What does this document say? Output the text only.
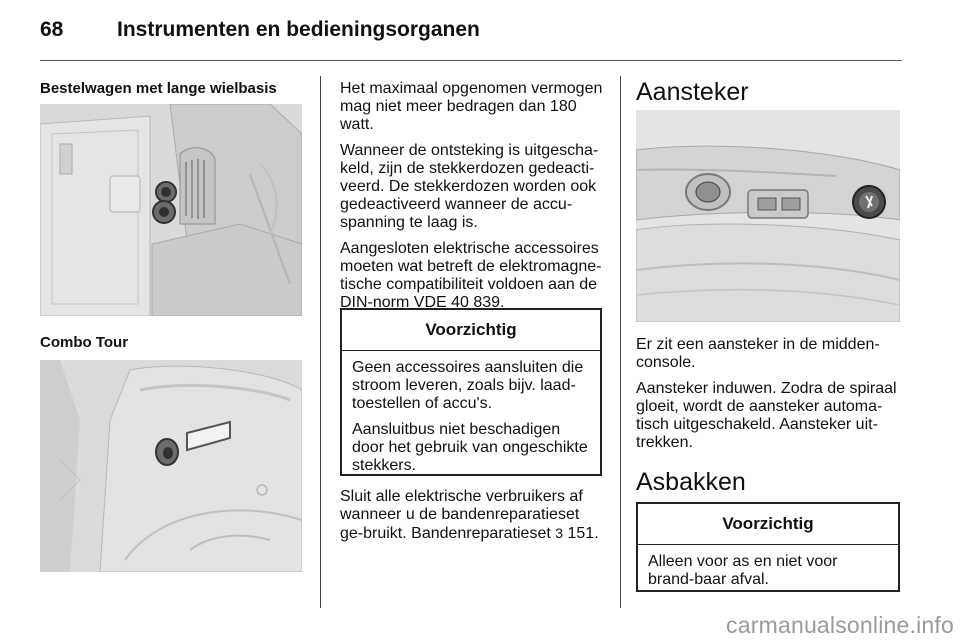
68	Instrumenten en bedieningsorganen
Bestelwagen met lange wielbasis
Combo Tour

Het maximaal opgenomen vermogen mag niet meer bedragen dan 180 watt.

Wanneer de ontsteking is uitgescha-keld, zijn de stekkerdozen gedeacti-veerd. De stekkerdozen worden ook gedeactiveerd wanneer de accu-spanning te laag is.

Aangesloten elektrische accessoires moeten wat betreft de elektromagne-tische compatibiliteit voldoen aan de DIN-norm VDE 40 839.

Voorzichtig

Geen accessoires aansluiten die stroom leveren, zoals bijv. laad-toestellen of accu's.

Aansluitbus niet beschadigen door het gebruik van ongeschikte stekkers.

Sluit alle elektrische verbruikers af wanneer u de bandenreparatieset ge-bruikt. Bandenreparatieset 3 151.
Aansteker

Er zit een aansteker in de midden-console.

Aansteker induwen. Zodra de spiraal gloeit, wordt de aansteker automa-tisch uitgeschakeld. Aansteker uit-trekken.

Asbakken
Voorzichtig

Alleen voor as en niet voor brand-baar afval.

carmanualsonline.info
